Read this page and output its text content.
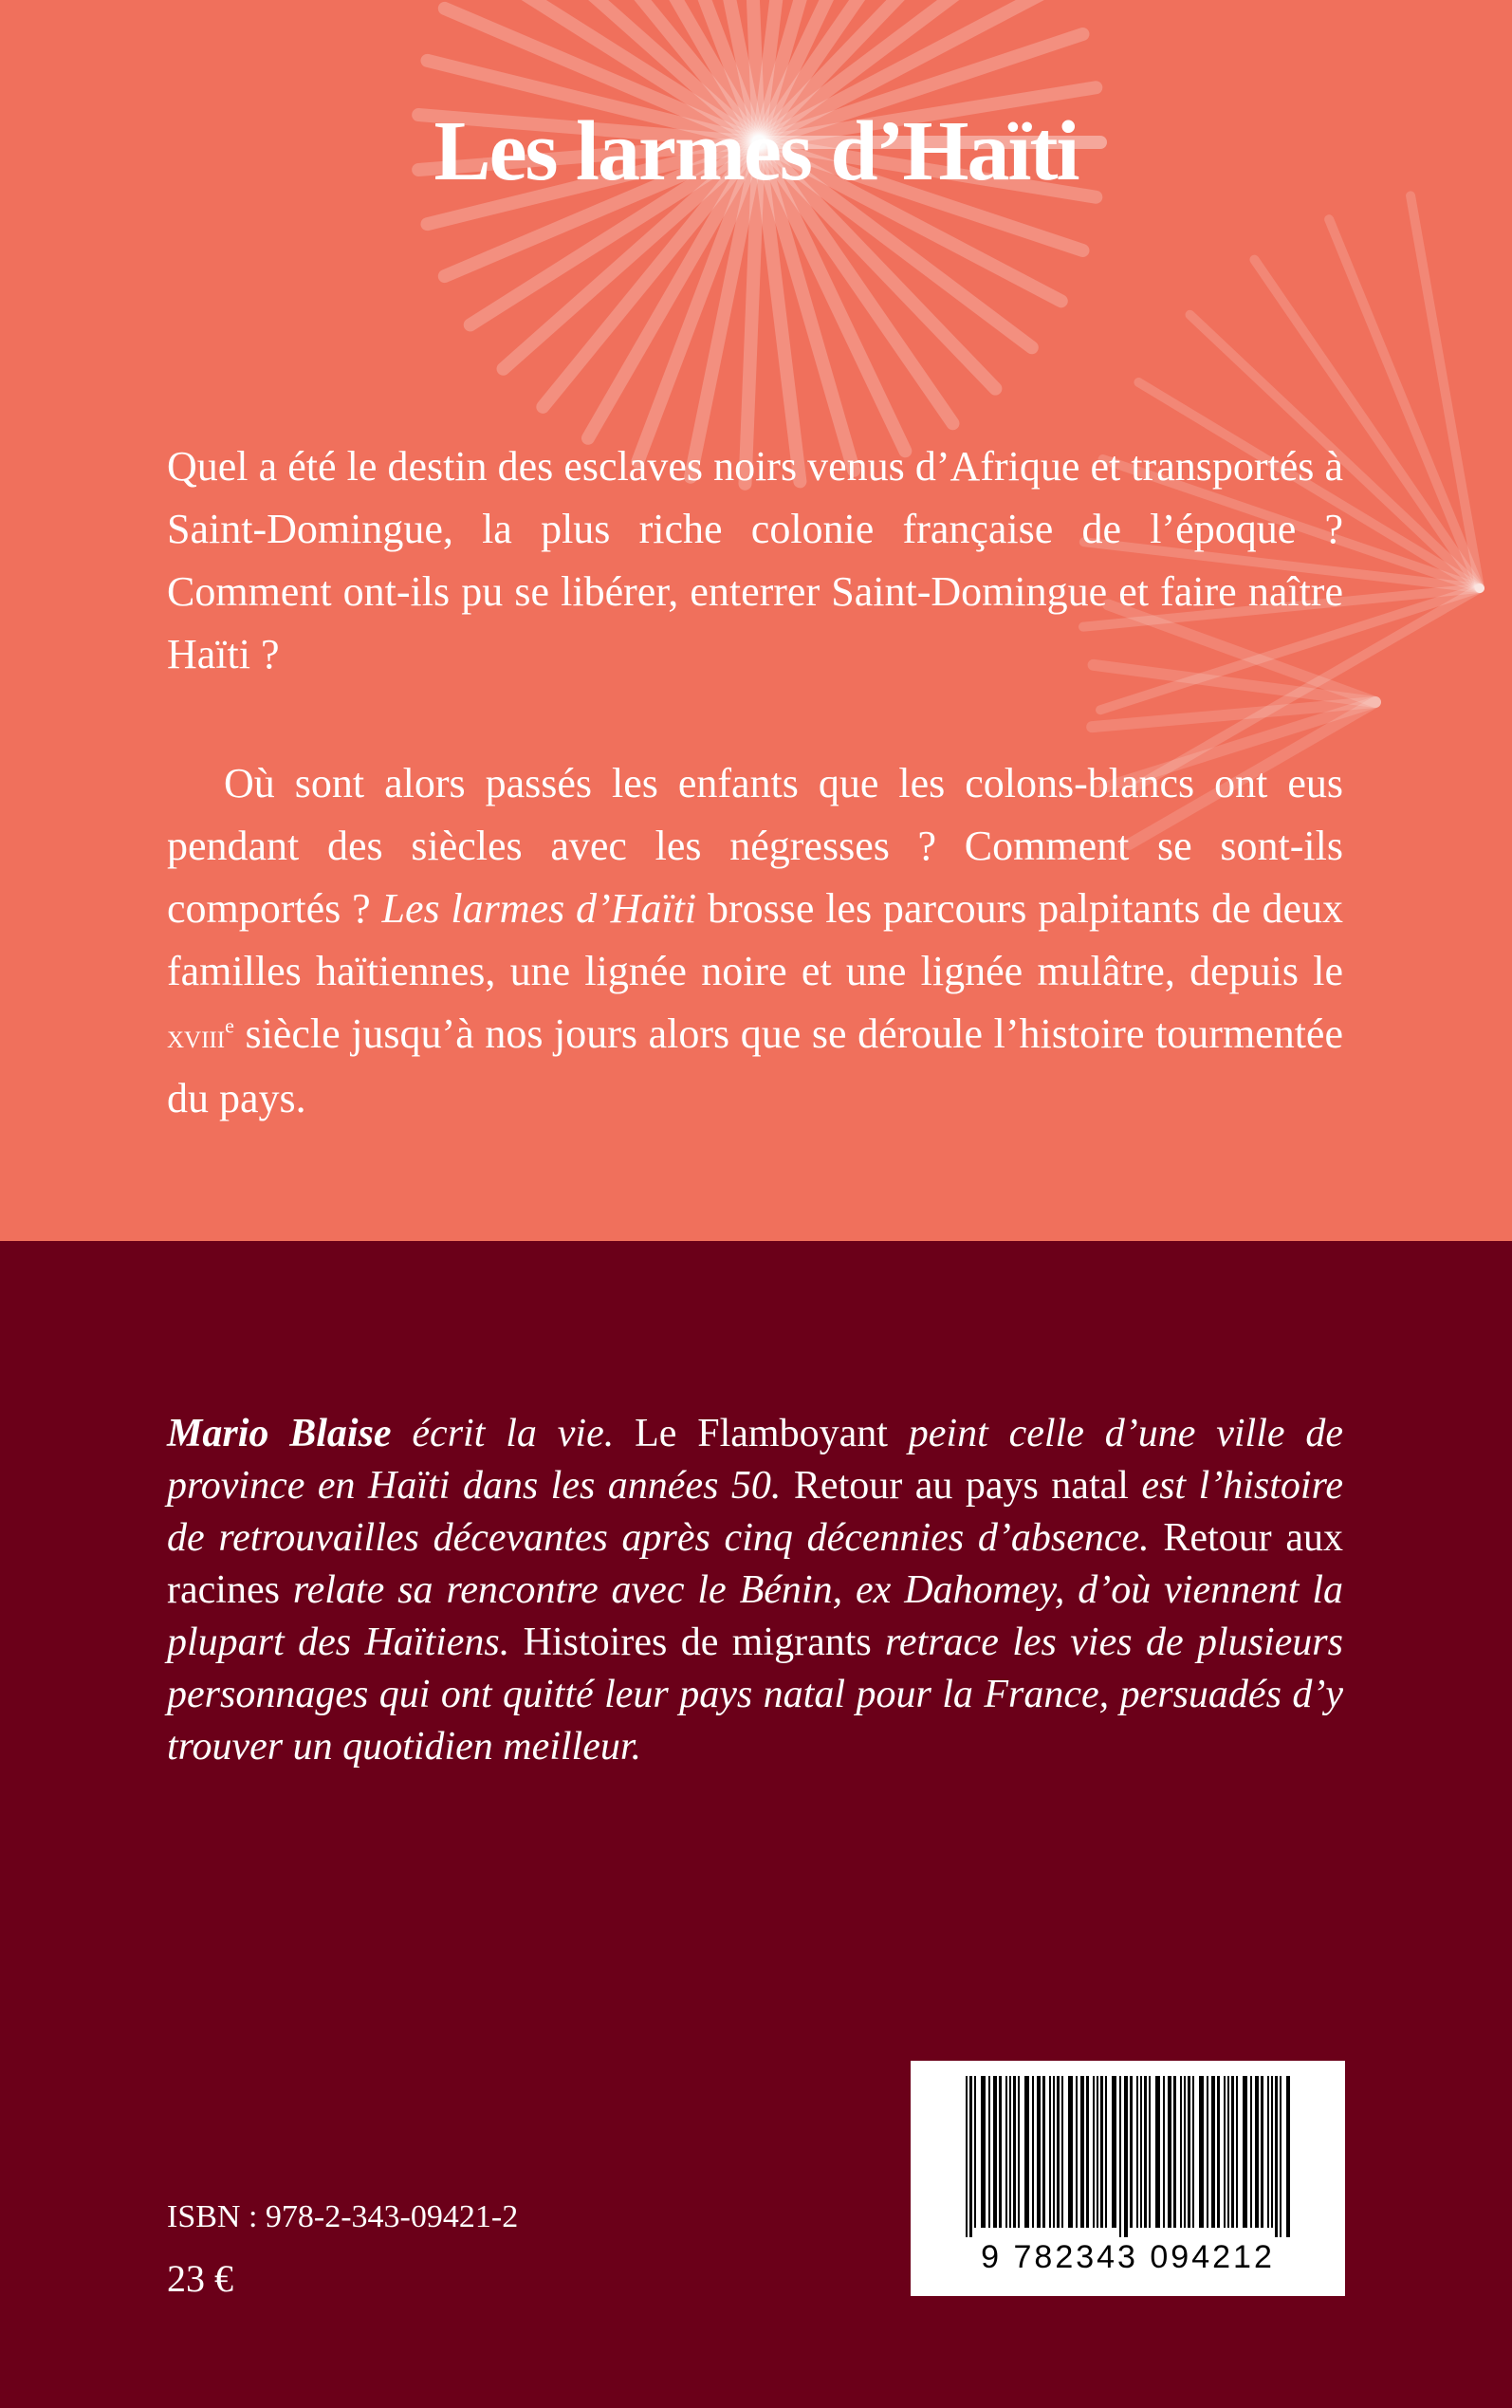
Les larmes d’Haïti

Quel a été le destin des esclaves noirs venus d’Afrique et transportés à Saint-Domingue, la plus riche colonie française de l’époque ? Comment ont-ils pu se libérer, enterrer Saint-Domingue et faire naître Haïti ?

Où sont alors passés les enfants que les colons-blancs ont eus pendant des siècles avec les négresses ? Comment se sont-ils comportés ? Les larmes d’Haïti brosse les parcours palpitants de deux familles haïtiennes, une lignée noire et une lignée mulâtre, depuis le xviii$^e$ siècle jusqu’à nos jours alors que se déroule l’histoire tourmentée du pays.

Mario Blaise écrit la vie. Le Flamboyant peint celle d’une ville de province en Haïti dans les années 50. Retour au pays natal est l’histoire de retrouvailles décevantes après cinq décennies d’absence. Retour aux racines relate sa rencontre avec le Bénin, ex Dahomey, d’où viennent la plupart des Haïtiens. Histoires de migrants retrace les vies de plusieurs personnages qui ont quitté leur pays natal pour la France, persuadés d’y trouver un quotidien meilleur.

ISBN : 978-2-343-09421-2

23 €	9 782343 094212
